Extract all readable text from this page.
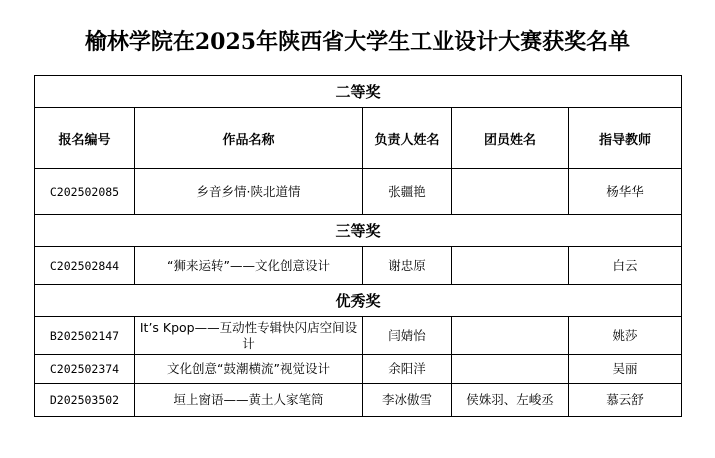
榆林学院在2025年陕西省大学生工业设计大赛获奖名单
二等奖				
报名编号	作品名称	负责人姓名	团员姓名	指导教师
C202502085	乡音乡情·陕北道情	张疆艳		杨华华
三等奖				
C202502844	“狮来运转”——文化创意设计	谢忠原		白云
优秀奖				
B202502147	It’s Kpop——互动性专辑快闪店空间设计	闫婧怡		姚莎
C202502374	文化创意“鼓潮横流”视觉设计	余阳洋		吴丽
D202503502	垣上窗语——黄土人家笔筒	李冰傲雪	侯姝羽、左峻丞	慕云舒
